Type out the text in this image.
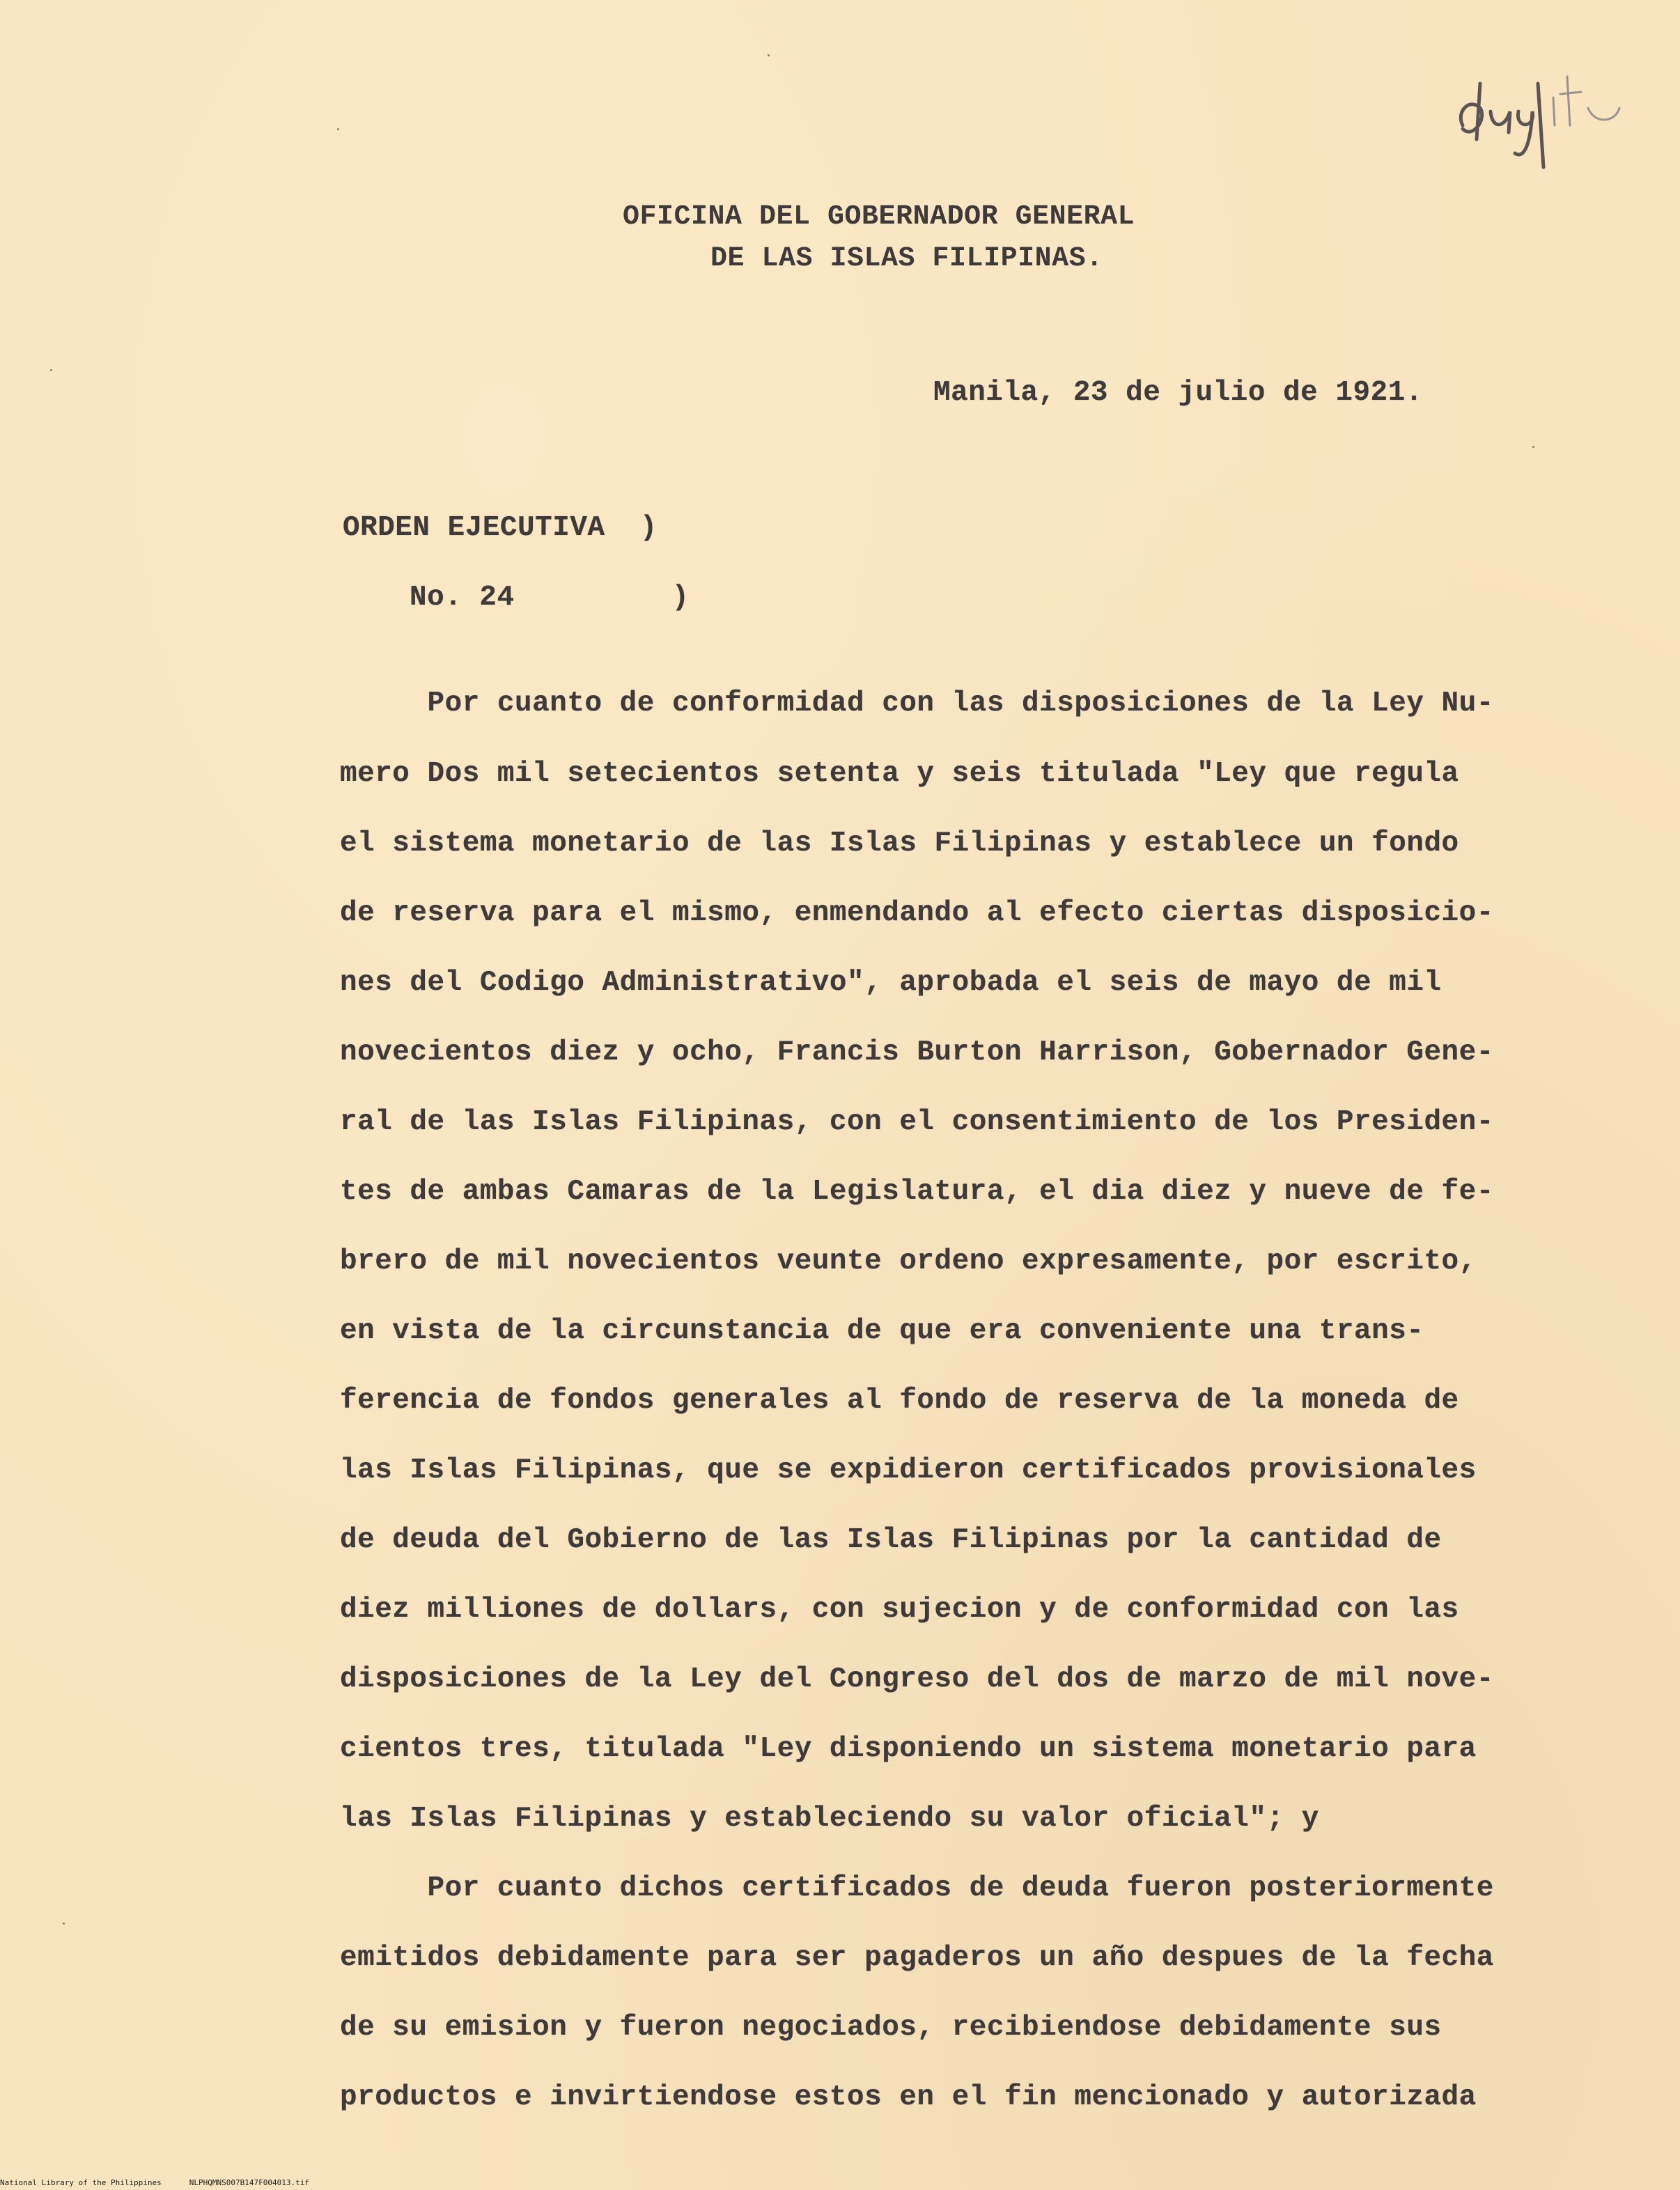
OFICINA DEL GOBERNADOR GENERAL
DE LAS ISLAS FILIPINAS.
Manila, 23 de julio de 1921.
ORDEN EJECUTIVA  )
No. 24         )
Por cuanto de conformidad con las disposiciones de la Ley Nu-
mero Dos mil setecientos setenta y seis titulada "Ley que regula
el sistema monetario de las Islas Filipinas y establece un fondo
de reserva para el mismo, enmendando al efecto ciertas disposicio-
nes del Codigo Administrativo", aprobada el seis de mayo de mil
novecientos diez y ocho, Francis Burton Harrison, Gobernador Gene-
ral de las Islas Filipinas, con el consentimiento de los Presiden-
tes de ambas Camaras de la Legislatura, el dia diez y nueve de fe-
brero de mil novecientos veunte ordeno expresamente, por escrito,
en vista de la circunstancia de que era conveniente una trans-
ferencia de fondos generales al fondo de reserva de la moneda de
las Islas Filipinas, que se expidieron certificados provisionales
de deuda del Gobierno de las Islas Filipinas por la cantidad de
diez milliones de dollars, con sujecion y de conformidad con las
disposiciones de la Ley del Congreso del dos de marzo de mil nove-
cientos tres, titulada "Ley disponiendo un sistema monetario para
las Islas Filipinas y estableciendo su valor oficial"; y
Por cuanto dichos certificados de deuda fueron posteriormente
emitidos debidamente para ser pagaderos un año despues de la fecha
de su emision y fueron negociados, recibiendose debidamente sus
productos e invirtiendose estos en el fin mencionado y autorizada
National Library of the Philippines	NLPHQMNS007B147F004013.tif
